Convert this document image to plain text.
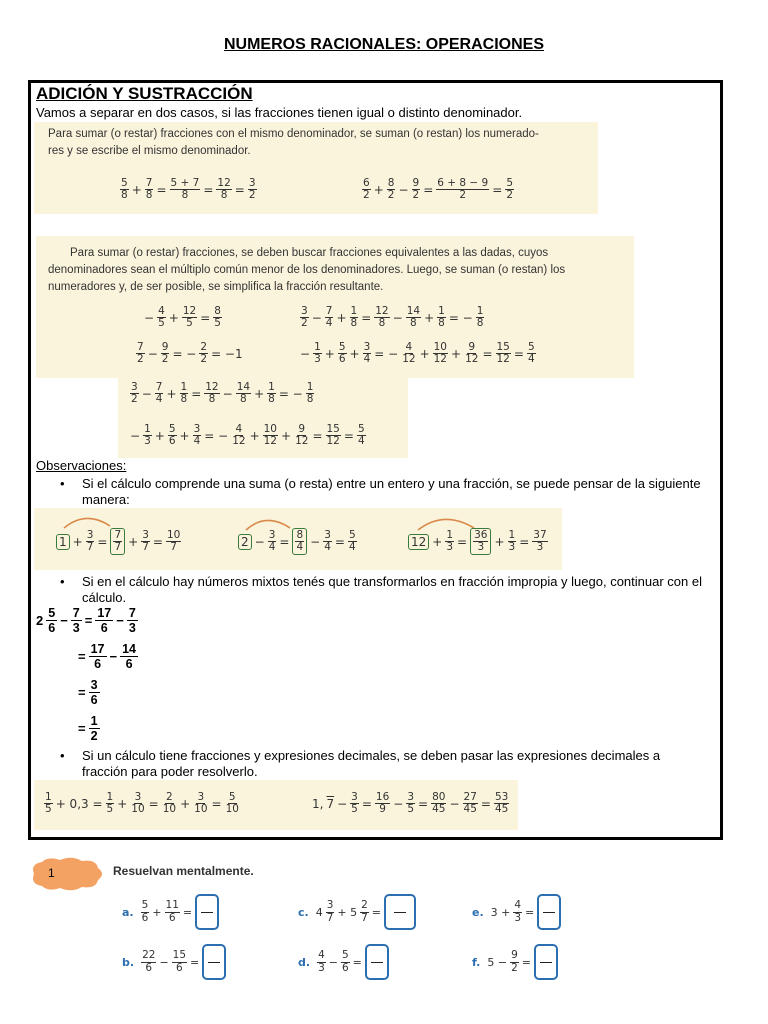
NUMEROS RACIONALES: OPERACIONES
ADICIÓN Y SUSTRACCIÓN
Vamos a separar en dos casos, si las fracciones tienen igual o distinto denominador.
Para sumar (o restar) fracciones con el mismo denominador, se suman (o restan) los numerado-
res y se escribe el mismo denominador.
$\frac{5}{8} + \frac{7}{8} = \frac{5 + 7}{8} = \frac{12}{8} = \frac{3}{2}$	$\frac{6}{2} + \frac{8}{2} - \frac{9}{2} = \frac{6 + 8 - 9}{2} = \frac{5}{2}$
Para sumar (o restar) fracciones, se deben buscar fracciones equivalentes a las dadas, cuyos
denominadores sean el múltiplo común menor de los denominadores. Luego, se suman (o restan) los
numeradores y, de ser posible, se simplifica la fracción resultante.
− $\frac{4}{5} + \frac{12}{5} = \frac{8}{5}$	$\frac{3}{2} - \frac{7}{4} + \frac{1}{8} = \frac{12}{8} - \frac{14}{8} + \frac{1}{8}$ = − $\frac{1}{8}$
$\frac{7}{2} - \frac{9}{2}$ = − $\frac{2}{2} = -1$	− $\frac{1}{3} + \frac{5}{6} + \frac{3}{4}$ = − $\frac{4}{12} + \frac{10}{12} + \frac{9}{12} = \frac{15}{12} = \frac{5}{4}$
$\frac{3}{2} - \frac{7}{4} + \frac{1}{8} = \frac{12}{8} - \frac{14}{8} + \frac{1}{8}$ = − $\frac{1}{8}$
− $\frac{1}{3} + \frac{5}{6} + \frac{3}{4}$ = − $\frac{4}{12} + \frac{10}{12} + \frac{9}{12} = \frac{15}{12} = \frac{5}{4}$
Observaciones:
• Si el cálculo comprende una suma (o resta) entre un entero y una fracción, se puede pensar de la siguiente manera:
$1 + \frac{3}{7} = \frac{7}{7} + \frac{3}{7} = \frac{10}{7}$	$2 - \frac{3}{4} = \frac{8}{4} - \frac{3}{4} = \frac{5}{4}$	$12 + \frac{1}{3} = \frac{36}{3} + \frac{1}{3} = \frac{37}{3}$
• Si en el cálculo hay números mixtos tenés que transformarlos en fracción impropia y luego, continuar con el cálculo.
2
5
$6 - \frac{7}{3} = \frac{17}{6} - \frac{7}{3}$
= $\frac{17}{6} - \frac{14}{6}$
= $\frac{3}{6}$
= $\frac{1}{2}$
• Si un cálculo tiene fracciones y expresiones decimales, se deben pasar las expresiones decimales a fracción para poder resolverlo.
$\frac{1}{5} + 0,3 = \frac{1}{5} + \frac{3}{10} = \frac{2}{10} + \frac{3}{10} = \frac{5}{10}$	1, $7 - \frac{3}{5} = \frac{16}{9} - \frac{3}{5} = \frac{80}{45} - \frac{27}{45} = \frac{53}{45}$
1	Resuelvan mentalmente.
a. $\frac{5}{6} + \frac{11}{6}$ =
b. $\frac{22}{6} - \frac{15}{6}$ =
c. $4 \frac{3}{7} + 5 \frac{2}{7}$ =
d. $\frac{4}{3} - \frac{5}{6}$ =
e. $3 + \frac{4}{3}$ =
f. $5 - \frac{9}{2}$ =
